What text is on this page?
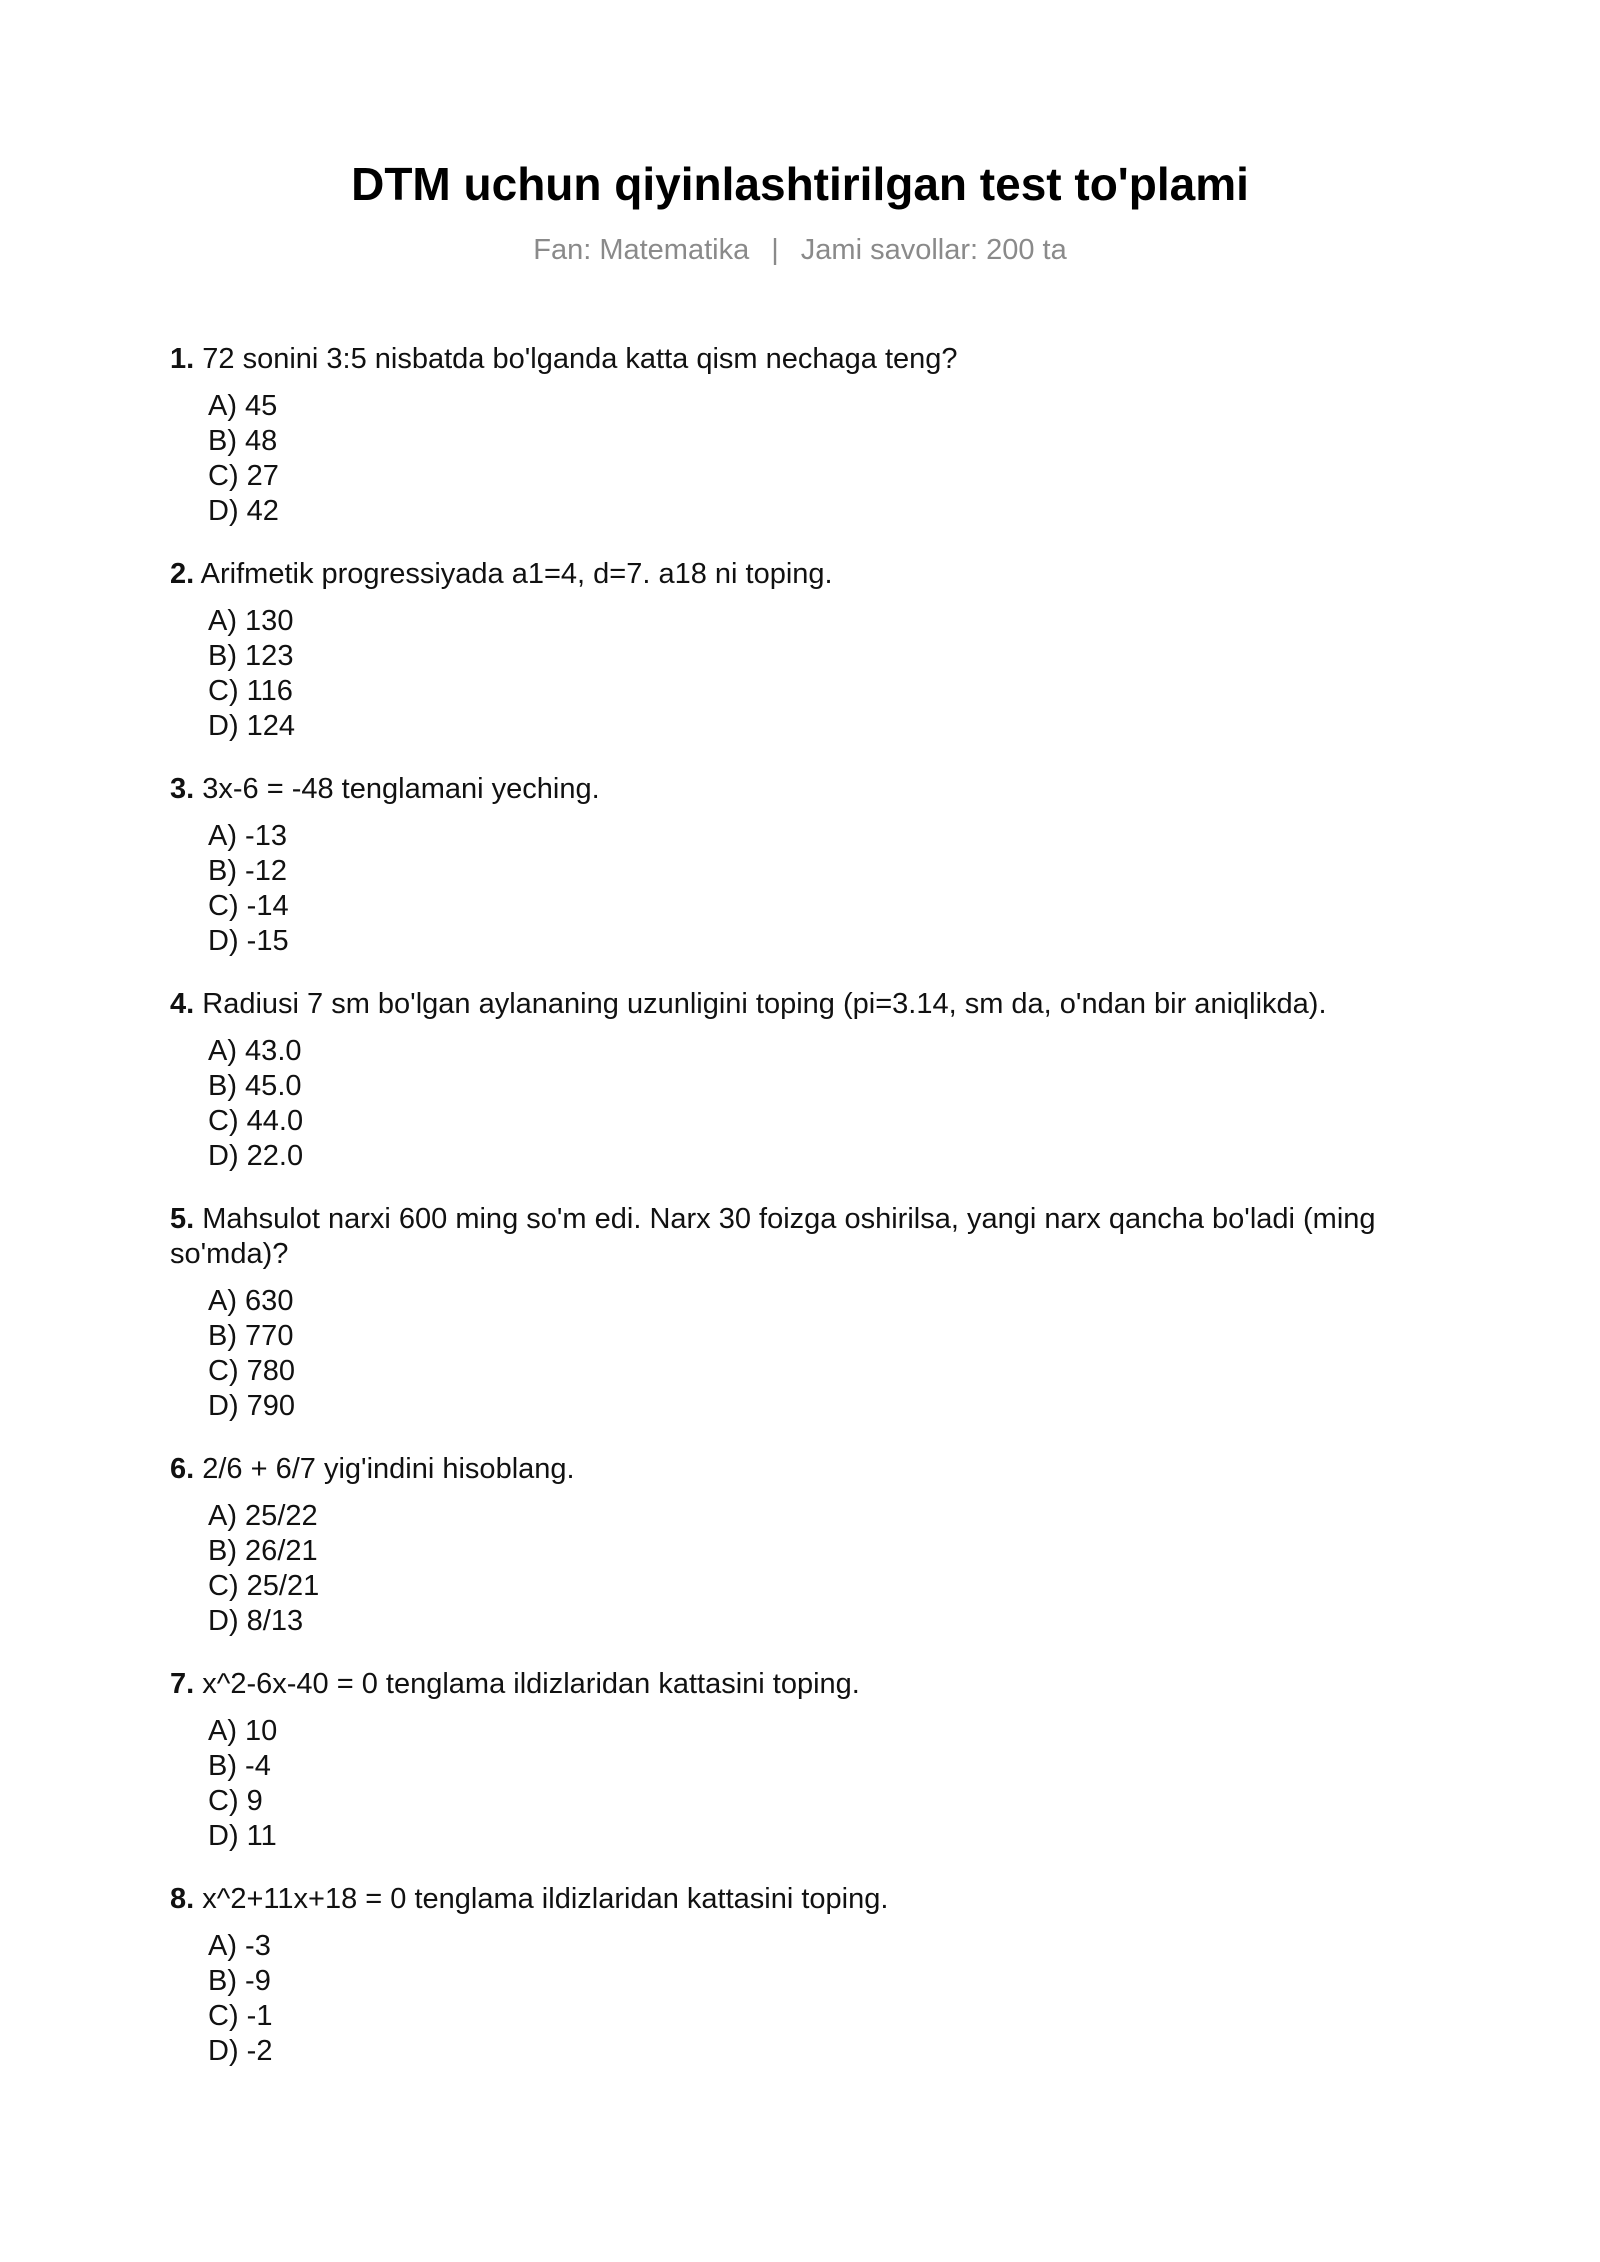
DTM uchun qiyinlashtirilgan test to'plami
Fan: Matematika | Jami savollar: 200 ta
1. 72 sonini 3:5 nisbatda bo'lganda katta qism nechaga teng?
A) 45
B) 48
C) 27
D) 42
2. Arifmetik progressiyada a1=4, d=7. a18 ni toping.
A) 130
B) 123
C) 116
D) 124
3. 3x-6 = -48 tenglamani yeching.
A) -13
B) -12
C) -14
D) -15
4. Radiusi 7 sm bo'lgan aylananing uzunligini toping (pi=3.14, sm da, o'ndan bir aniqlikda).
A) 43.0
B) 45.0
C) 44.0
D) 22.0
5. Mahsulot narxi 600 ming so'm edi. Narx 30 foizga oshirilsa, yangi narx qancha bo'ladi (ming so'mda)?
A) 630
B) 770
C) 780
D) 790
6. 2/6 + 6/7 yig'indini hisoblang.
A) 25/22
B) 26/21
C) 25/21
D) 8/13
7. x^2-6x-40 = 0 tenglama ildizlaridan kattasini toping.
A) 10
B) -4
C) 9
D) 11
8. x^2+11x+18 = 0 tenglama ildizlaridan kattasini toping.
A) -3
B) -9
C) -1
D) -2
